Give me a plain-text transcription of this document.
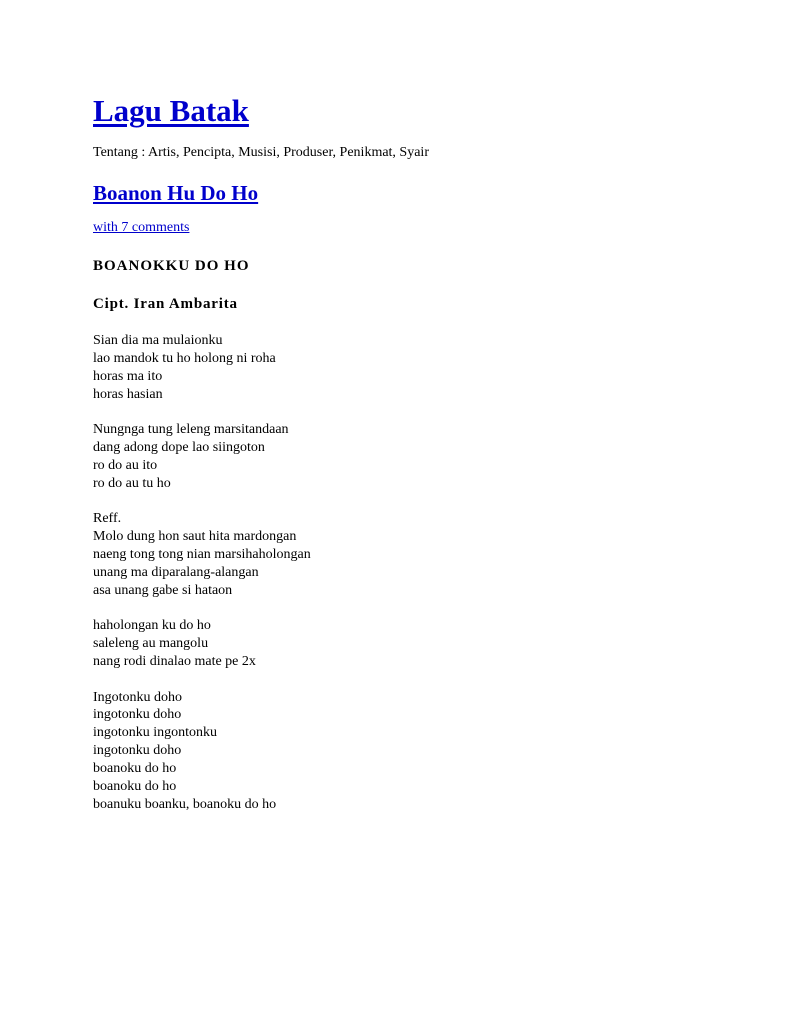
Lagu Batak
Tentang : Artis, Pencipta, Musisi, Produser, Penikmat, Syair
Boanon Hu Do Ho
with 7 comments
BOANOKKU DO HO
Cipt. Iran Ambarita
Sian dia ma mulaionku
lao mandok tu ho holong ni roha
horas ma ito
horas hasian
Nungnga tung leleng marsitandaan
dang adong dope lao siingoton
ro do au ito
ro do au tu ho
Reff.
Molo dung hon saut hita mardongan
naeng tong tong nian marsihaholongan
unang ma diparalang-alangan
asa unang gabe si hataon
haholongan ku do ho
saleleng au mangolu
nang rodi dinalao mate pe 2x
Ingotonku doho
ingotonku doho
ingotonku ingontonku
ingotonku doho
boanoku do ho
boanoku do ho
boanuku boanku, boanoku do ho
